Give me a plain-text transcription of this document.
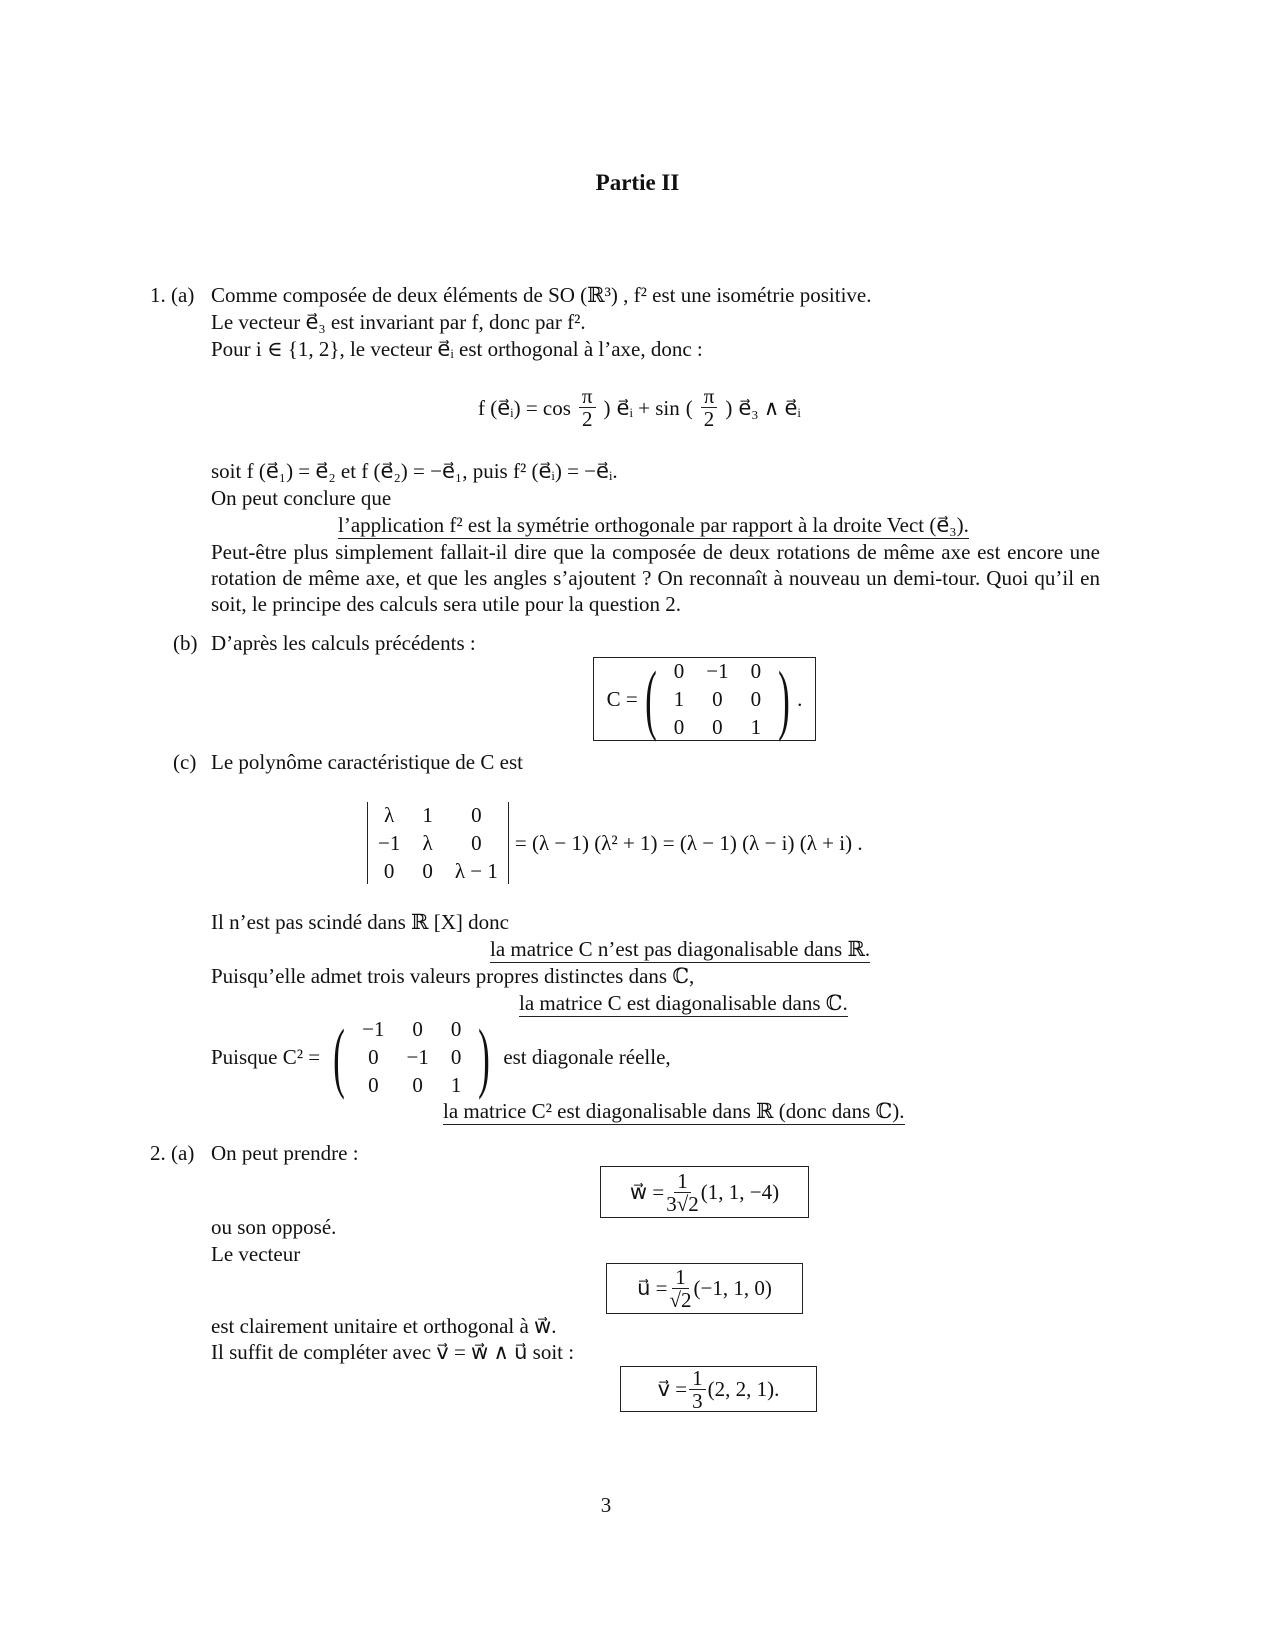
Partie II
1. (a) Comme composée de deux éléments de SO (ℝ³) , f² est une isométrie positive.
Le vecteur e⃗₃ est invariant par f, donc par f².
Pour i ∈ {1, 2}, le vecteur e⃗ᵢ est orthogonal à l’axe, donc :
f (e⃗ᵢ) = $\cos \frac{\pi}{2}$ ) e⃗ᵢ + sin ( $\frac{\pi}{2}$ ) e⃗₃ ∧ e⃗ᵢ
soit f (e⃗₁) = e⃗₂ et f (e⃗₂) = −e⃗₁, puis f² (e⃗ᵢ) = −e⃗ᵢ.
On peut conclure que
l’application f² est la symétrie orthogonale par rapport à la droite Vect (e⃗₃).
Peut-être plus simplement fallait-il dire que la composée de deux rotations de même axe est encore une rotation de même axe, et que les angles s’ajoutent ? On reconnaît à nouveau un demi-tour. Quoi qu’il en soit, le principe des calculs sera utile pour la question 2.
(b) D’après les calculs précédents :
C = ( 0 −1 0
1 0 0
0 0 1 ) .
(c) Le polynôme caractéristique de C est
λ 1	0
−1 λ	0
0 0 λ − 1
= (λ − 1) (λ² + 1) = (λ − 1) (λ − i) (λ + i) .
Il n’est pas scindé dans ℝ [X] donc
la matrice C n’est pas diagonalisable dans ℝ.
Puisqu’elle admet trois valeurs propres distinctes dans ℂ,
la matrice C est diagonalisable dans ℂ.
Puisque C² = ( −1 0 0
0 −1 0
0 0 1 ) est diagonale réelle,
la matrice C² est diagonalisable dans ℝ (donc dans ℂ).
2. (a) On peut prendre :
w⃗ = $\frac{1}{3√2} (1$, 1, −4)
ou son opposé.
Le vecteur
u⃗ = $\frac{1}{√2} (-1$, 1, 0)
est clairement unitaire et orthogonal à w⃗.
Il suffit de compléter avec v⃗ = w⃗ ∧ u⃗ soit :
v⃗ = $\frac{1}{3} (2$, 2, 1).
3
